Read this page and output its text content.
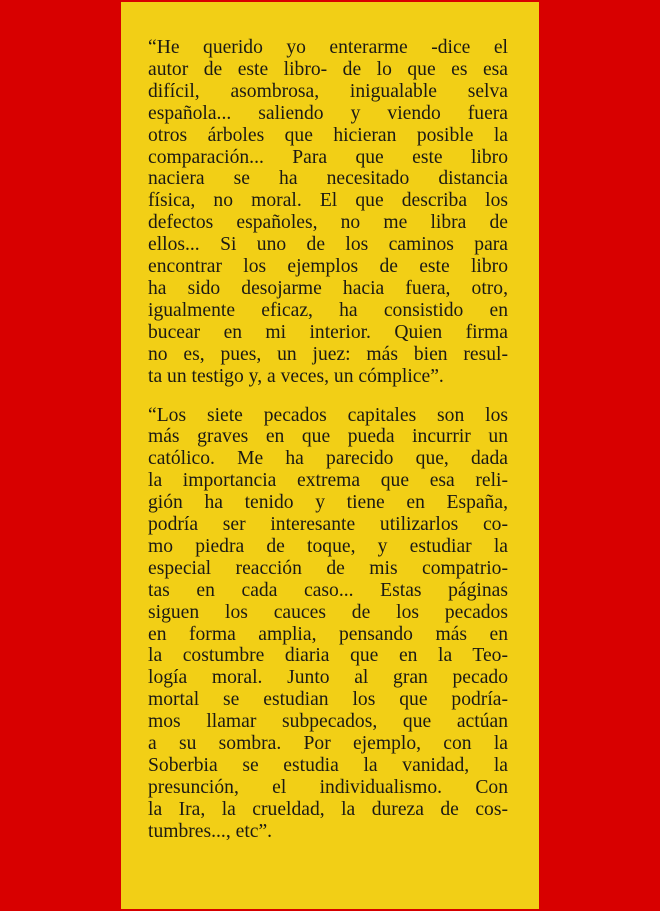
“He querido yo enterarme -dice el
autor de este libro- de lo que es esa
difícil, asombrosa, inigualable selva
española... saliendo y viendo fuera
otros árboles que hicieran posible la
comparación... Para que este libro
naciera se ha necesitado distancia
física, no moral. El que describa los
defectos españoles, no me libra de
ellos... Si uno de los caminos para
encontrar los ejemplos de este libro
ha sido desojarme hacia fuera, otro,
igualmente eficaz, ha consistido en
bucear en mi interior. Quien firma
no es, pues, un juez: más bien resul-
ta un testigo y, a veces, un cómplice”.
“Los siete pecados capitales son los
más graves en que pueda incurrir un
católico. Me ha parecido que, dada
la importancia extrema que esa reli-
gión ha tenido y tiene en España,
podría ser interesante utilizarlos co-
mo piedra de toque, y estudiar la
especial reacción de mis compatrio-
tas en cada caso... Estas páginas
siguen los cauces de los pecados
en forma amplia, pensando más en
la costumbre diaria que en la Teo-
logía moral. Junto al gran pecado
mortal se estudian los que podría-
mos llamar subpecados, que actúan
a su sombra. Por ejemplo, con la
Soberbia se estudia la vanidad, la
presunción, el individualismo. Con
la Ira, la crueldad, la dureza de cos-
tumbres..., etc”.
